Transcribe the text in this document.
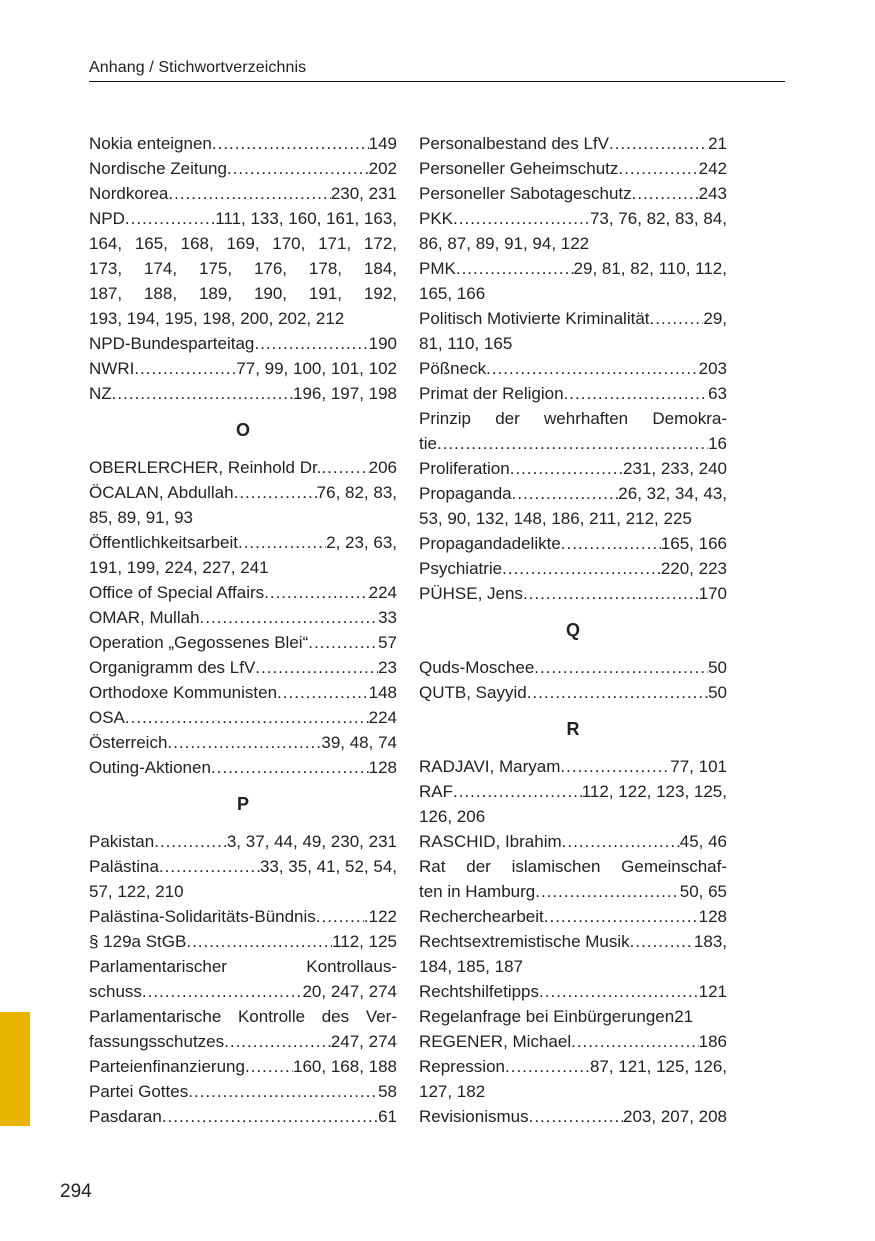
Anhang / Stichwortverzeichnis
Nokia enteignen .....	149
Nordische Zeitung .....	202
Nordkorea .....	230, 231
NPD .....	111, 133, 160, 161, 163,
164, 165, 168, 169, 170, 171, 172,
173, 174, 175, 176, 178, 184,
187, 188, 189, 190, 191, 192,
193, 194, 195, 198, 200, 202, 212
NPD-Bundesparteitag .....	190
NWRI .....	77, 99, 100, 101, 102
NZ .....	196, 197, 198
O
OBERLERCHER, Reinhold Dr. .....	206
ÖCALAN, Abdullah .....	76, 82, 83,
85, 89, 91, 93
Öffentlichkeitsarbeit .....	2, 23, 63,
191, 199, 224, 227, 241
Office of Special Affairs .....	224
OMAR, Mullah .....	33
Operation „Gegossenes Blei“ .....	57
Organigramm des LfV .....	23
Orthodoxe Kommunisten .....	148
OSA .....	224
Österreich .....	39, 48, 74
Outing-Aktionen .....	128
P
Pakistan .....	3, 37, 44, 49, 230, 231
Palästina .....	33, 35, 41, 52, 54,
57, 122, 210
Palästina-Solidaritäts-Bündnis .....	.122
§ 129a StGB .....	112, 125
Parlamentarischer Kontrollaus-
schuss .....	20, 247, 274
Parlamentarische Kontrolle des Ver-
fassungsschutzes .....	247, 274
Parteienfinanzierung .....	160, 168, 188
Partei Gottes .....	58
Pasdaran .....	61
Personalbestand des LfV .....	21
Personeller Geheimschutz .....	242
Personeller Sabotageschutz .....	243
PKK .....	73, 76, 82, 83, 84,
86, 87, 89, 91, 94, 122
PMK .....	29, 81, 82, 110, 112,
165, 166
Politisch Motivierte Kriminalität .....	29,
81, 110, 165
Pößneck .....	203
Primat der Religion .....	63
Prinzip der wehrhaften Demokra-
tie .....	16
Proliferation .....	231, 233, 240
Propaganda .....	26, 32, 34, 43,
53, 90, 132, 148, 186, 211, 212, 225
Propagandadelikte .....	165, 166
Psychiatrie .....	220, 223
PÜHSE, Jens .....	170
Q
Quds-Moschee .....	50
QUTB, Sayyid .....	50
R
RADJAVI, Maryam .....	77, 101
RAF .....	112, 122, 123, 125,
126, 206
RASCHID, Ibrahim .....	45, 46
Rat der islamischen Gemeinschaf-
ten in Hamburg .....	50, 65
Recherchearbeit .....	128
Rechtsextremistische Musik .....	183,
184, 185, 187
Rechtshilfetipps .....	121
Regelanfrage bei Einbürgerungen 21
REGENER, Michael .....	186
Repression .....	87, 121, 125, 126,
127, 182
Revisionismus .....	203, 207, 208
294
